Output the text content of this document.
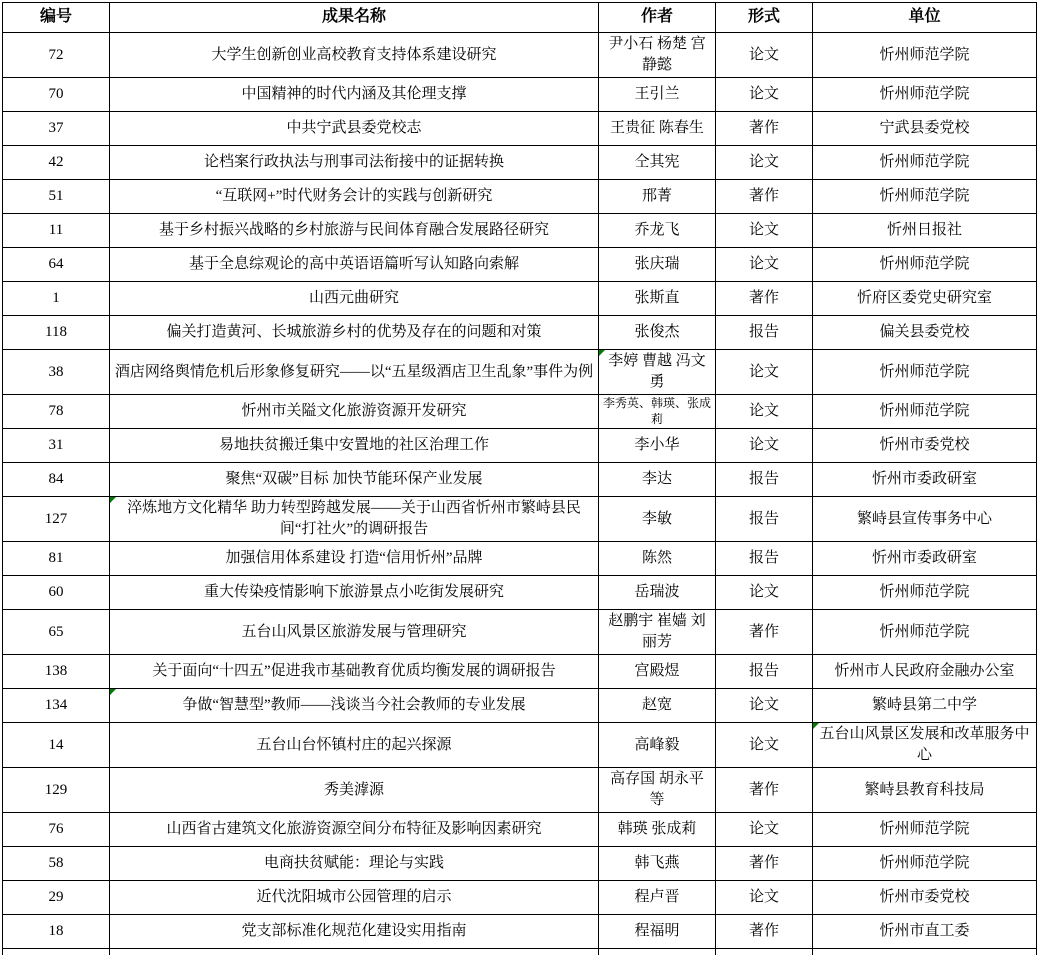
编号	成果名称	作者	形式	单位
72	大学生创新创业高校教育支持体系建设研究	尹小石 杨楚 宫静懿	论文	忻州师范学院
70	中国精神的时代内涵及其伦理支撑	王引兰	论文	忻州师范学院
37	中共宁武县委党校志	王贵征 陈春生	著作	宁武县委党校
42	论档案行政执法与刑事司法衔接中的证据转换	仝其宪	论文	忻州师范学院
51	“互联网+”时代财务会计的实践与创新研究	邢菁	著作	忻州师范学院
11	基于乡村振兴战略的乡村旅游与民间体育融合发展路径研究	乔龙飞	论文	忻州日报社
64	基于全息综观论的高中英语语篇听写认知路向索解	张庆瑞	论文	忻州师范学院
1	山西元曲研究	张斯直	著作	忻府区委党史研究室
118	偏关打造黄河、长城旅游乡村的优势及存在的问题和对策	张俊杰	报告	偏关县委党校
38	酒店网络舆情危机后形象修复研究——以“五星级酒店卫生乱象”事件为例	李婷 曹越 冯文勇	论文	忻州师范学院
78	忻州市关隘文化旅游资源开发研究	李秀英、韩瑛、张成莉	论文	忻州师范学院
31	易地扶贫搬迁集中安置地的社区治理工作	李小华	论文	忻州市委党校
84	聚焦“双碳”目标 加快节能环保产业发展	李达	报告	忻州市委政研室
127	淬炼地方文化精华 助力转型跨越发展——关于山西省忻州市繁峙县民间“打社火”的调研报告	李敏	报告	繁峙县宣传事务中心
81	加强信用体系建设 打造“信用忻州”品牌	陈然	报告	忻州市委政研室
60	重大传染疫情影响下旅游景点小吃街发展研究	岳瑞波	论文	忻州师范学院
65	五台山风景区旅游发展与管理研究	赵鹏宇 崔嫱 刘丽芳	著作	忻州师范学院
138	关于面向“十四五”促进我市基础教育优质均衡发展的调研报告	宫殿煜	报告	忻州市人民政府金融办公室
134	争做“智慧型”教师——浅谈当今社会教师的专业发展	赵宽	论文	繁峙县第二中学
14	五台山台怀镇村庄的起兴探源	高峰毅	论文	五台山风景区发展和改革服务中心
129	秀美滹源	高存国 胡永平 等	著作	繁峙县教育科技局
76	山西省古建筑文化旅游资源空间分布特征及影响因素研究	韩瑛 张成莉	论文	忻州师范学院
58	电商扶贫赋能：理论与实践	韩飞燕	著作	忻州师范学院
29	近代沈阳城市公园管理的启示	程卢晋	论文	忻州市委党校
18	党支部标准化规范化建设实用指南	程福明	著作	忻州市直工委
